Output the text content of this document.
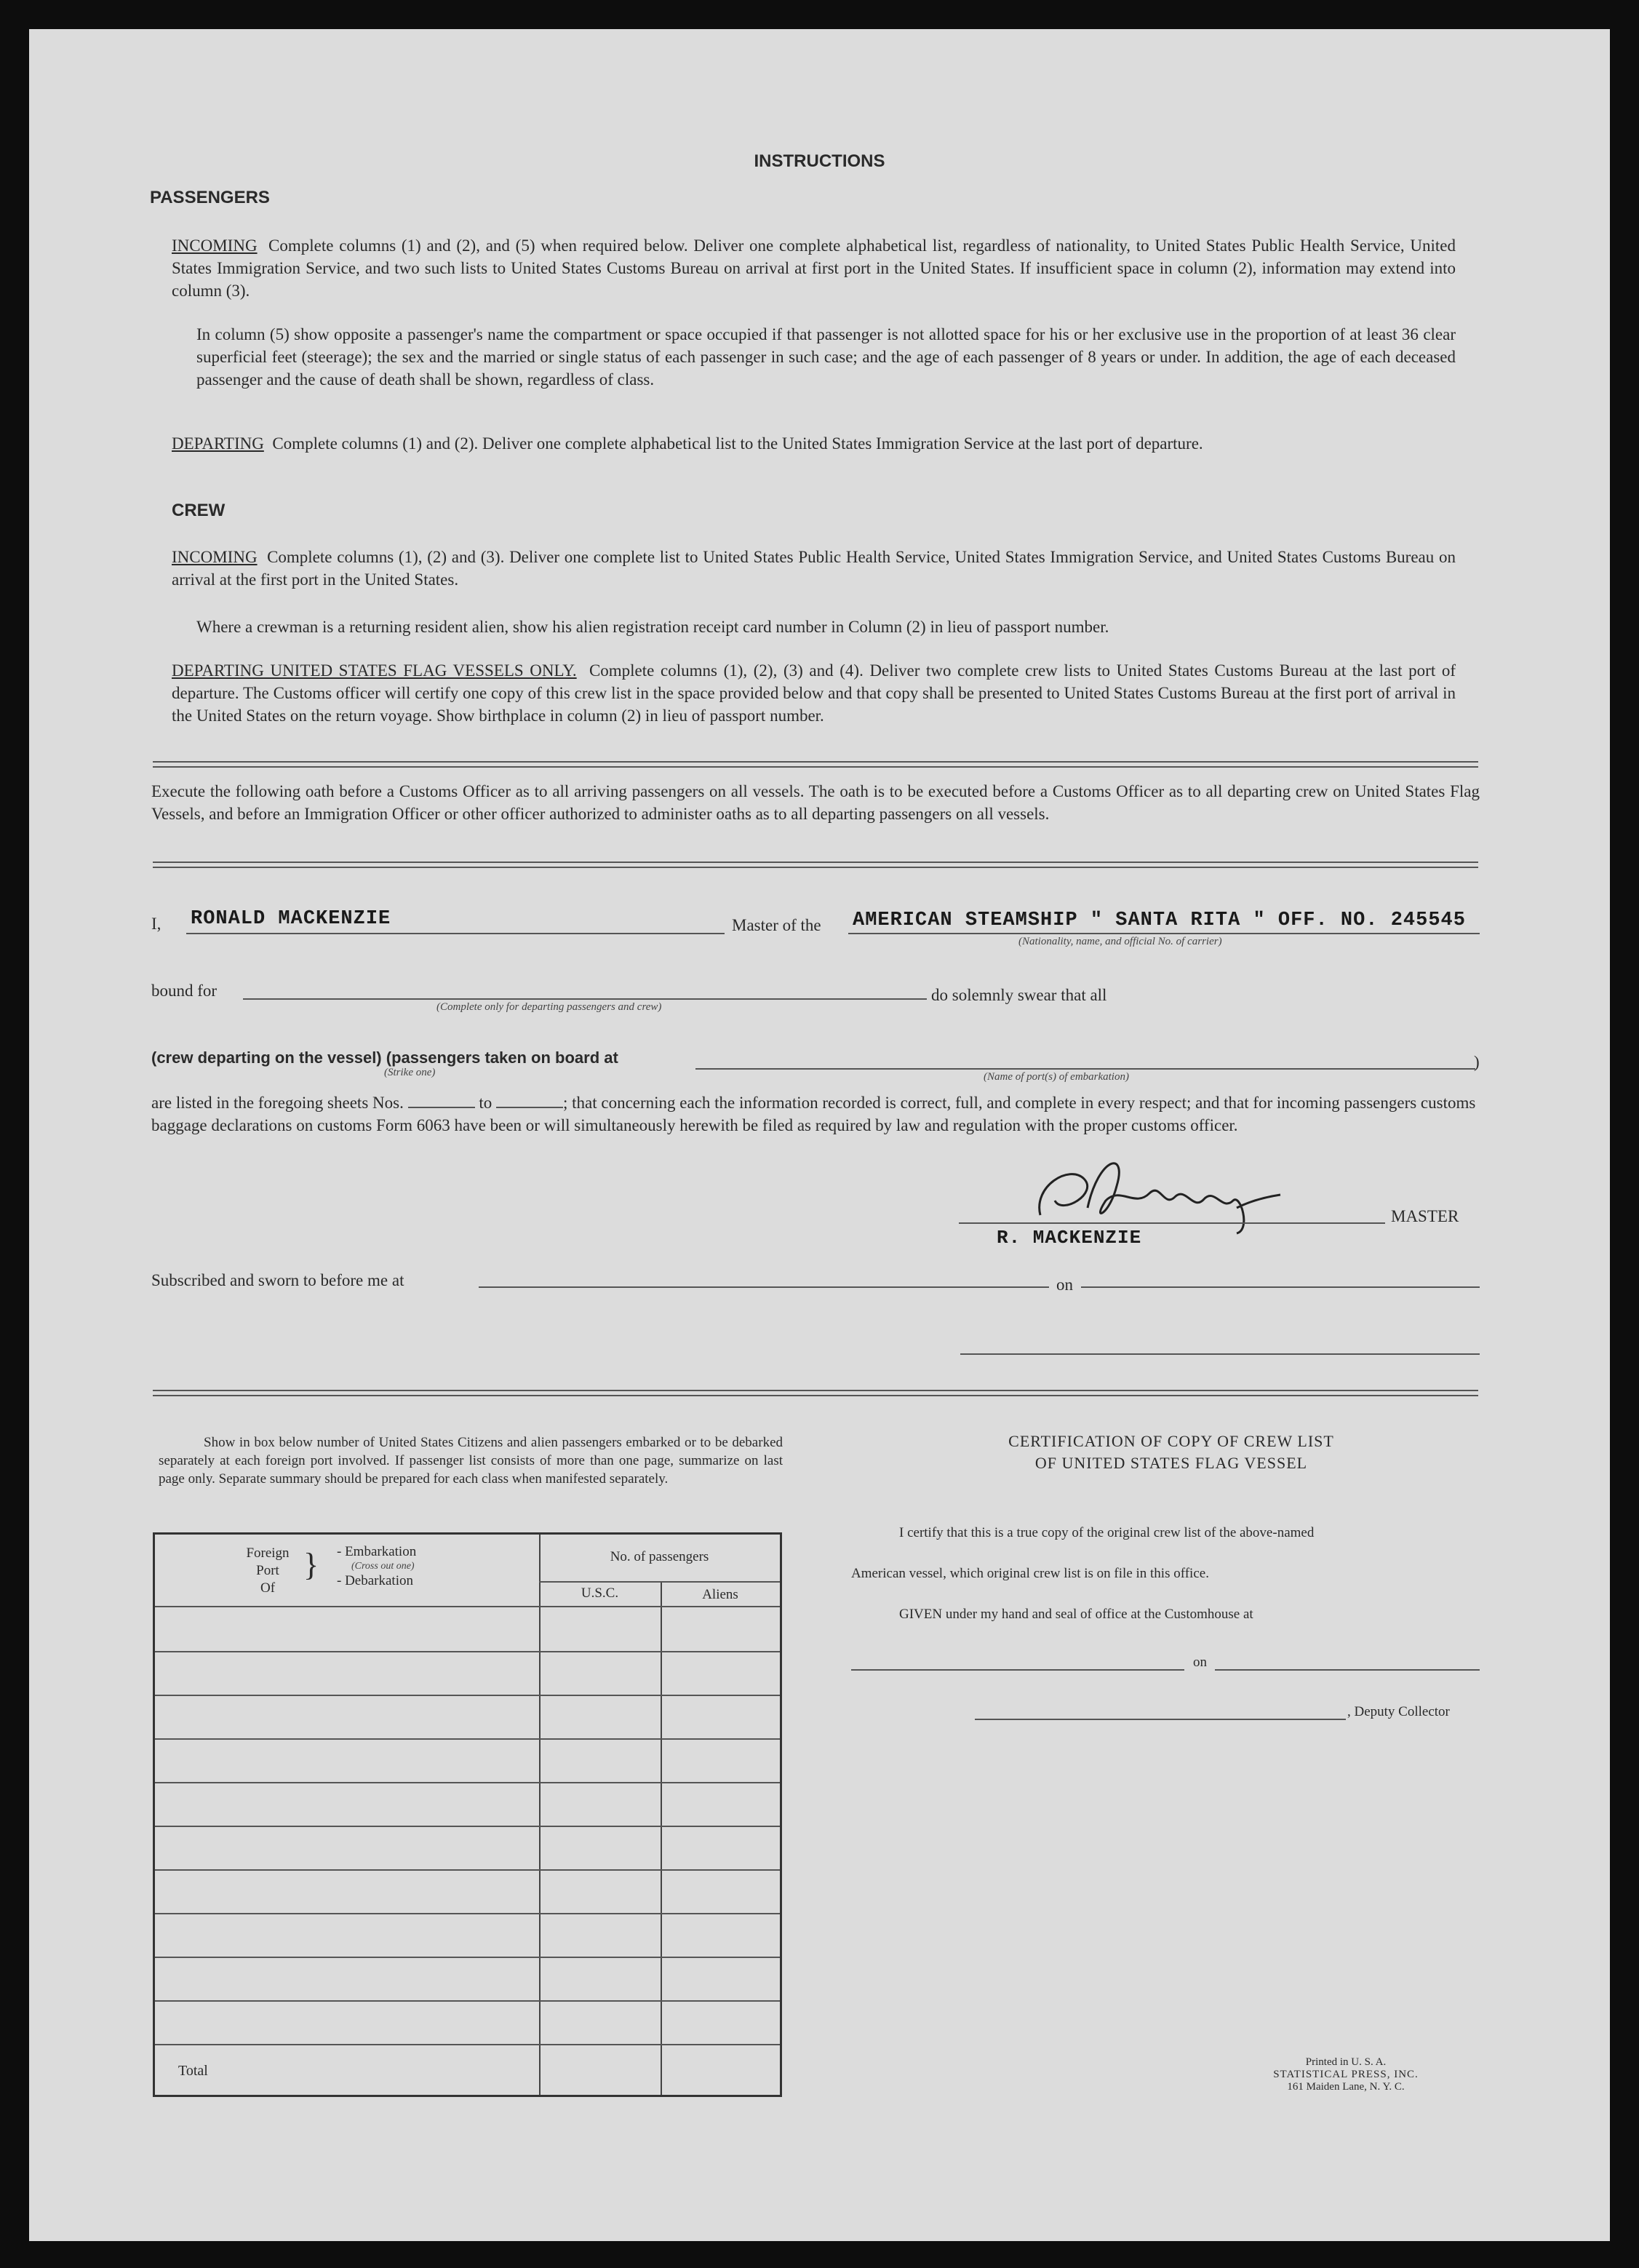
INSTRUCTIONS
PASSENGERS
INCOMING Complete columns (1) and (2), and (5) when required below. Deliver one complete alphabetical list, regardless of nationality, to United States Public Health Service, United States Immigration Service, and two such lists to United States Customs Bureau on arrival at first port in the United States. If insufficient space in column (2), information may extend into column (3).
In column (5) show opposite a passenger's name the compartment or space occupied if that passenger is not allotted space for his or her exclusive use in the proportion of at least 36 clear superficial feet (steerage); the sex and the married or single status of each passenger in such case; and the age of each passenger of 8 years or under. In addition, the age of each deceased passenger and the cause of death shall be shown, regardless of class.
DEPARTING Complete columns (1) and (2). Deliver one complete alphabetical list to the United States Immigration Service at the last port of departure.
CREW
INCOMING Complete columns (1), (2) and (3). Deliver one complete list to United States Public Health Service, United States Immigration Service, and United States Customs Bureau on arrival at the first port in the United States.
Where a crewman is a returning resident alien, show his alien registration receipt card number in Column (2) in lieu of passport number.
DEPARTING UNITED STATES FLAG VESSELS ONLY. Complete columns (1), (2), (3) and (4). Deliver two complete crew lists to United States Customs Bureau at the last port of departure. The Customs officer will certify one copy of this crew list in the space provided below and that copy shall be presented to United States Customs Bureau at the first port of arrival in the United States on the return voyage. Show birthplace in column (2) in lieu of passport number.
Execute the following oath before a Customs Officer as to all arriving passengers on all vessels. The oath is to be executed before a Customs Officer as to all departing crew on United States Flag Vessels, and before an Immigration Officer or other officer authorized to administer oaths as to all departing passengers on all vessels.
I, RONALD MACKENZIE	Master of the AMERICAN STEAMSHIP " SANTA RITA " OFF. NO. 245545
(Nationality, name, and official No. of carrier)
bound for
(Complete only for departing passengers and crew)
do solemnly swear that all
(crew departing on the vessel) (passengers taken on board at
(Strike one)	(Name of port(s) of embarkation)
)
are listed in the foregoing sheets Nos.	to	; that concerning each the information recorded is correct, full, and complete in every respect; and that for incoming passengers customs baggage declarations on customs Form 6063 have been or will simultaneously herewith be filed as required by law and regulation with the proper customs officer.
MASTER
R. MACKENZIE
Subscribed and sworn to before me at	on
Show in box below number of United States Citizens and alien passengers embarked or to be debarked separately at each foreign port involved. If passenger list consists of more than one page, summarize on last page only. Separate summary should be prepared for each class when manifested separately.
Foreign
Port
Of
} - Embarkation
(Cross out one)
- Debarkation
No. of passengers
U.S.C.	Aliens
Total
CERTIFICATION OF COPY OF CREW LIST
OF UNITED STATES FLAG VESSEL
I certify that this is a true copy of the original crew list of the above-named
American vessel, which original crew list is on file in this office.
GIVEN under my hand and seal of office at the Customhouse at
on
, Deputy Collector
Printed in U. S. A.
STATISTICAL PRESS, INC.
161 Maiden Lane, N. Y. C.
